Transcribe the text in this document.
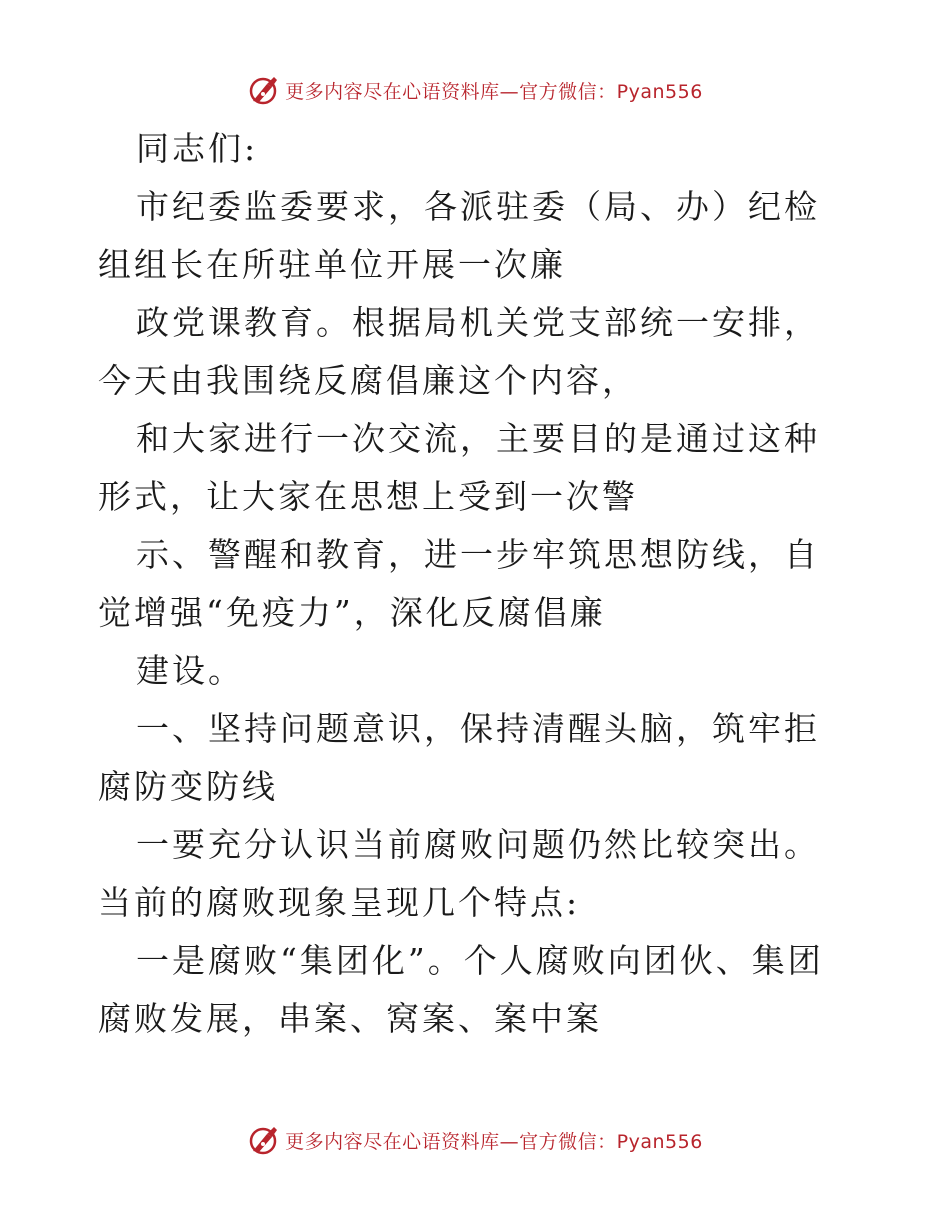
更多内容尽在心语资料库—官方微信：Pyan556

同志们:

市纪委监委要求，各派驻委（局、办）纪检组组长在所驻单位开展一次廉

政党课教育。根据局机关党支部统一安排，今天由我围绕反腐倡廉这个内容，

和大家进行一次交流，主要目的是通过这种形式，让大家在思想上受到一次警

示、警醒和教育，进一步牢筑思想防线，自觉增强“免疫力”，深化反腐倡廉

建设。

一、坚持问题意识，保持清醒头脑，筑牢拒腐防变防线

一要充分认识当前腐败问题仍然比较突出。当前的腐败现象呈现几个特点:

一是腐败“集团化”。个人腐败向团伙、集团腐败发展，串案、窝案、案中案

更多内容尽在心语资料库—官方微信：Pyan556
